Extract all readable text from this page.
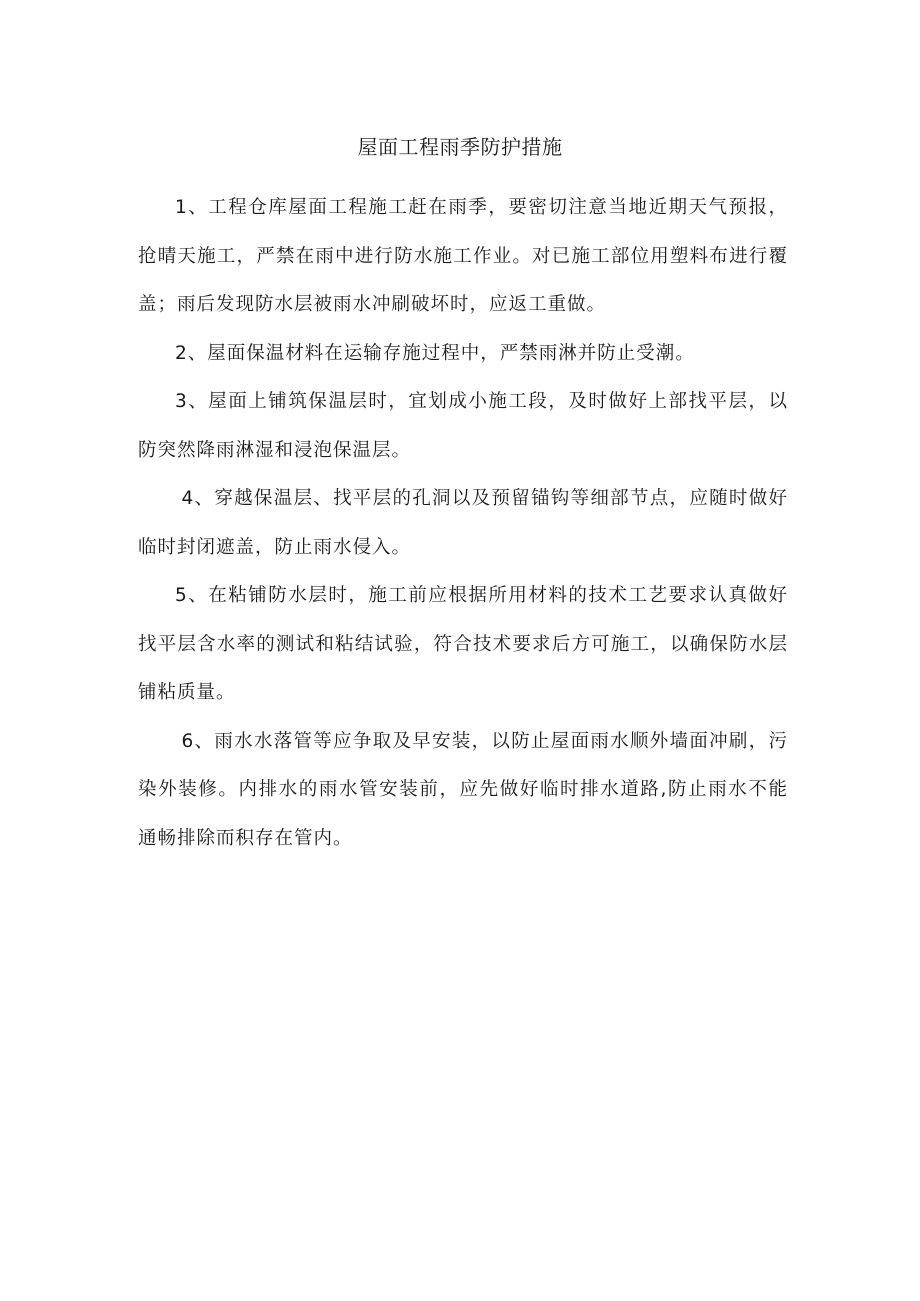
屋面工程雨季防护措施

1、工程仓库屋面工程施工赶在雨季，要密切注意当地近期天气预报，抢晴天施工，严禁在雨中进行防水施工作业。对已施工部位用塑料布进行覆盖；雨后发现防水层被雨水冲刷破坏时，应返工重做。

2、屋面保温材料在运输存施过程中，严禁雨淋并防止受潮。

3、屋面上铺筑保温层时，宜划成小施工段，及时做好上部找平层，以防突然降雨淋湿和浸泡保温层。

4、穿越保温层、找平层的孔洞以及预留锚钩等细部节点，应随时做好临时封闭遮盖，防止雨水侵入。

5、在粘铺防水层时，施工前应根据所用材料的技术工艺要求认真做好找平层含水率的测试和粘结试验，符合技术要求后方可施工，以确保防水层铺粘质量。

6、雨水水落管等应争取及早安装，以防止屋面雨水顺外墙面冲刷，污染外装修。内排水的雨水管安装前，应先做好临时排水道路,防止雨水不能通畅排除而积存在管内。
